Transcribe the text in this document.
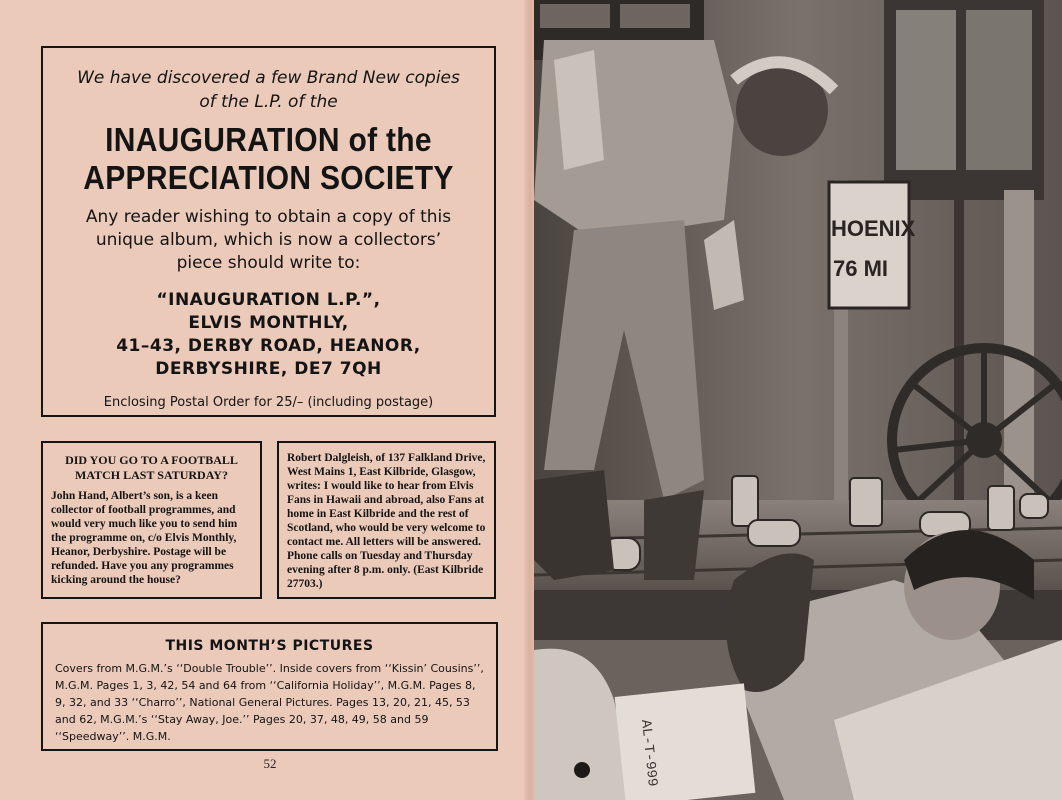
We have discovered a few Brand New copies of the L.P. of the
INAUGURATION of the
APPRECIATION SOCIETY
Any reader wishing to obtain a copy of this unique album, which is now a collectors’ piece should write to:
“INAUGURATION L.P.”,
ELVIS MONTHLY,
41–43, DERBY ROAD, HEANOR,
DERBYSHIRE, DE7 7QH
Enclosing Postal Order for 25/– (including postage)
DID YOU GO TO A FOOTBALL MATCH LAST SATURDAY?
John Hand, Albert’s son, is a keen collector of football programmes, and would very much like you to send him the programme on, c/o Elvis Monthly, Heanor, Derbyshire. Postage will be refunded. Have you any programmes kicking around the house?
Robert Dalgleish, of 137 Falkland Drive, West Mains 1, East Kilbride, Glasgow, writes: I would like to hear from Elvis Fans in Hawaii and abroad, also Fans at home in East Kilbride and the rest of Scotland, who would be very welcome to contact me. All letters will be answered. Phone calls on Tuesday and Thursday evening after 8 p.m. only. (East Kilbride 27703.)
THIS MONTH’S PICTURES
Covers from M.G.M.’s ‘‘Double Trouble’’. Inside covers from ‘‘Kissin’ Cousins’’, M.G.M. Pages 1, 3, 42, 54 and 64 from ‘‘California Holiday’’, M.G.M. Pages 8, 9, 32, and 33 ‘‘Charro’’, National General Pictures. Pages 13, 20, 21, 45, 53 and 62, M.G.M.’s ‘‘Stay Away, Joe.’’ Pages 20, 37, 48, 49, 58 and 59 ‘‘Speedway’’. M.G.M.
52
HOENIX
76 MI
AL-T-999
